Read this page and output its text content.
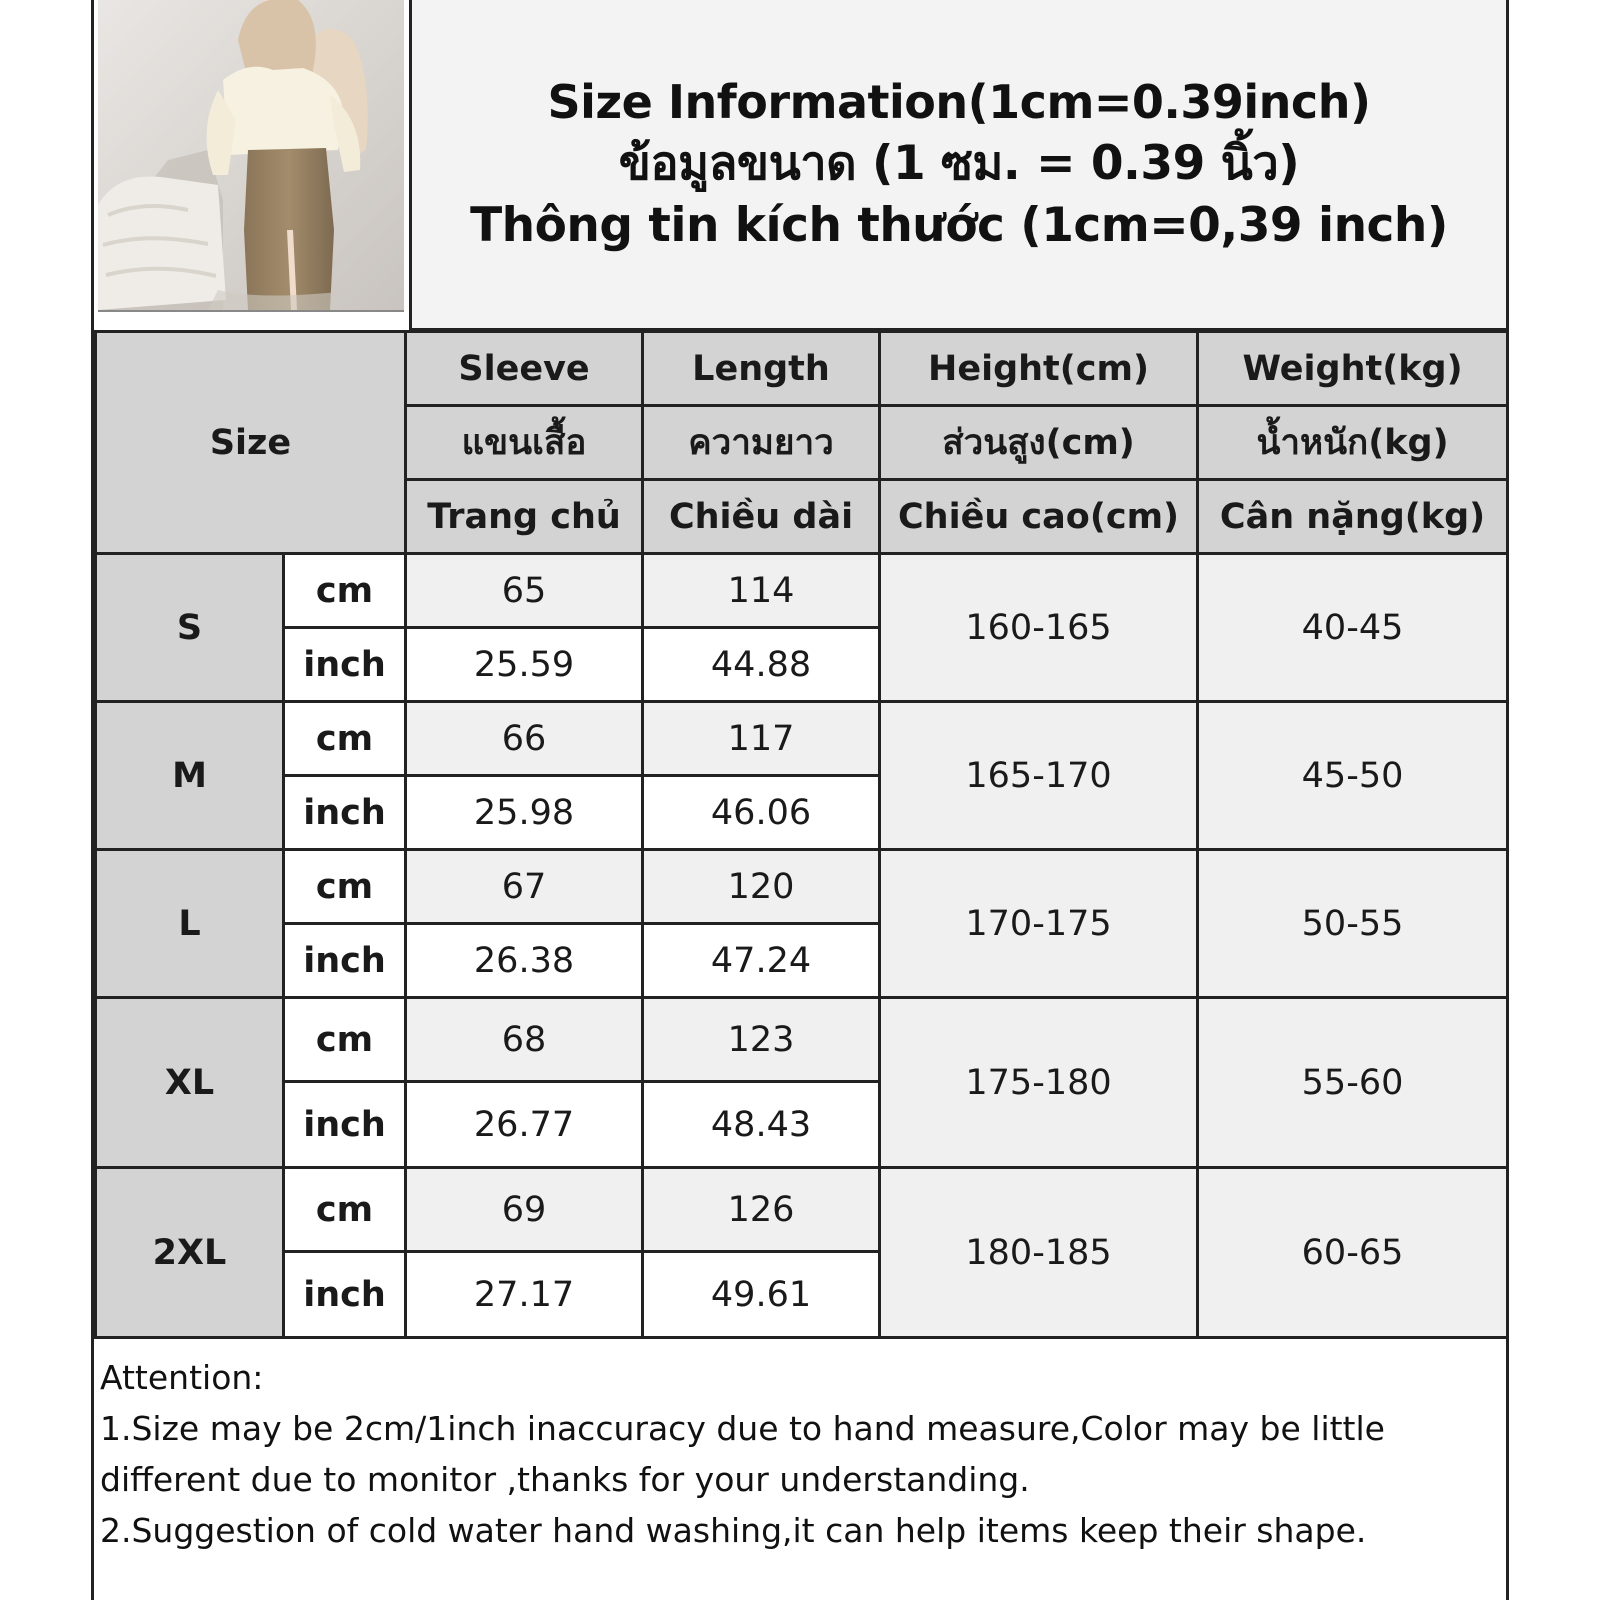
Size Information(1cm=0.39inch)
ข้อมูลขนาด (1 ซม. = 0.39 นิ้ว)
Thông tin kích thước (1cm=0,39 inch)
Size		Sleeve	Length	Height(cm)	Weight(kg)
		แขนเสื้อ	ความยาว	ส่วนสูง(cm)	น้ำหนัก(kg)
		Trang chủ	Chiều dài	Chiều cao(cm)	Cân nặng(kg)
S	cm	65	114	160-165	40-45
	inch	25.59	44.88		
M	cm	66	117	165-170	45-50
	inch	25.98	46.06		
L	cm	67	120	170-175	50-55
	inch	26.38	47.24		
XL	cm	68	123	175-180	55-60
	inch	26.77	48.43		
2XL	cm	69	126	180-185	60-65
	inch	27.17	49.61		
Attention:
1.Size may be 2cm/1inch inaccuracy due to hand measure,Color may be little
different due to monitor ,thanks for your understanding.
2.Suggestion of cold water hand washing,it can help items keep their shape.
